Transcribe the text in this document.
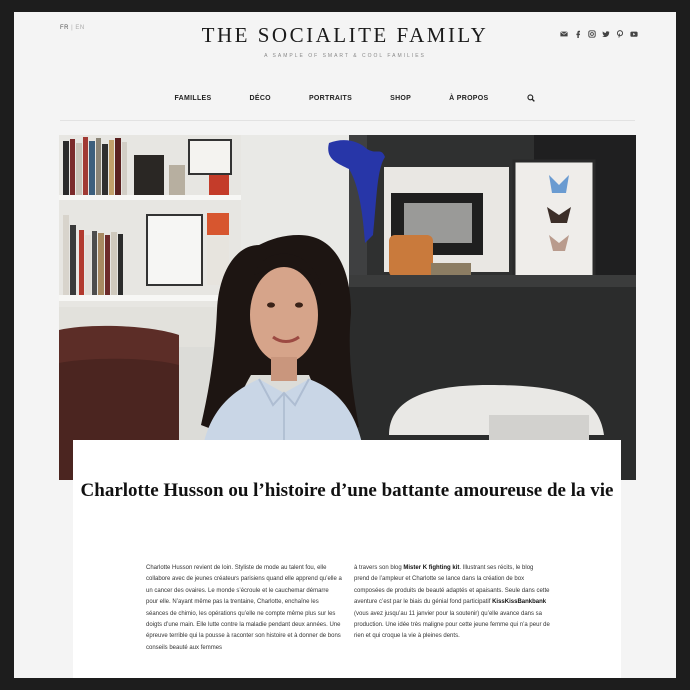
FR | EN	THE SOCIALITE FAMILY
A SAMPLE OF SMART & COOL FAMILIES
FAMILLES	DÉCO	PORTRAITS	SHOP	À PROPOS
Charlotte Husson ou l’histoire d’une battante amoureuse de la vie
Charlotte Husson revient de loin. Styliste de mode au talent fou, elle collabore avec de jeunes créateurs parisiens quand elle apprend qu’elle a un cancer des ovaires. Le monde s’écroule et le cauchemar démarre pour elle. N’ayant même pas la trentaine, Charlotte, enchaîne les séances de chimio, les opérations qu’elle ne compte même plus sur les doigts d’une main. Elle lutte contre la maladie pendant deux années. Une épreuve terrible qui la pousse à raconter son histoire et à donner de bons conseils beauté aux femmes
à travers son blog Mister K fighting kit. Illustrant ses récits, le blog prend de l’ampleur et Charlotte se lance dans la création de box composées de produits de beauté adaptés et apaisants. Seule dans cette aventure c’est par le biais du génial fond participatif KissKissBankbank (vous avez jusqu’au 11 janvier pour la soutenir) qu’elle avance dans sa production. Une idée très maligne pour cette jeune femme qui n’a peur de rien et qui croque la vie à pleines dents.
